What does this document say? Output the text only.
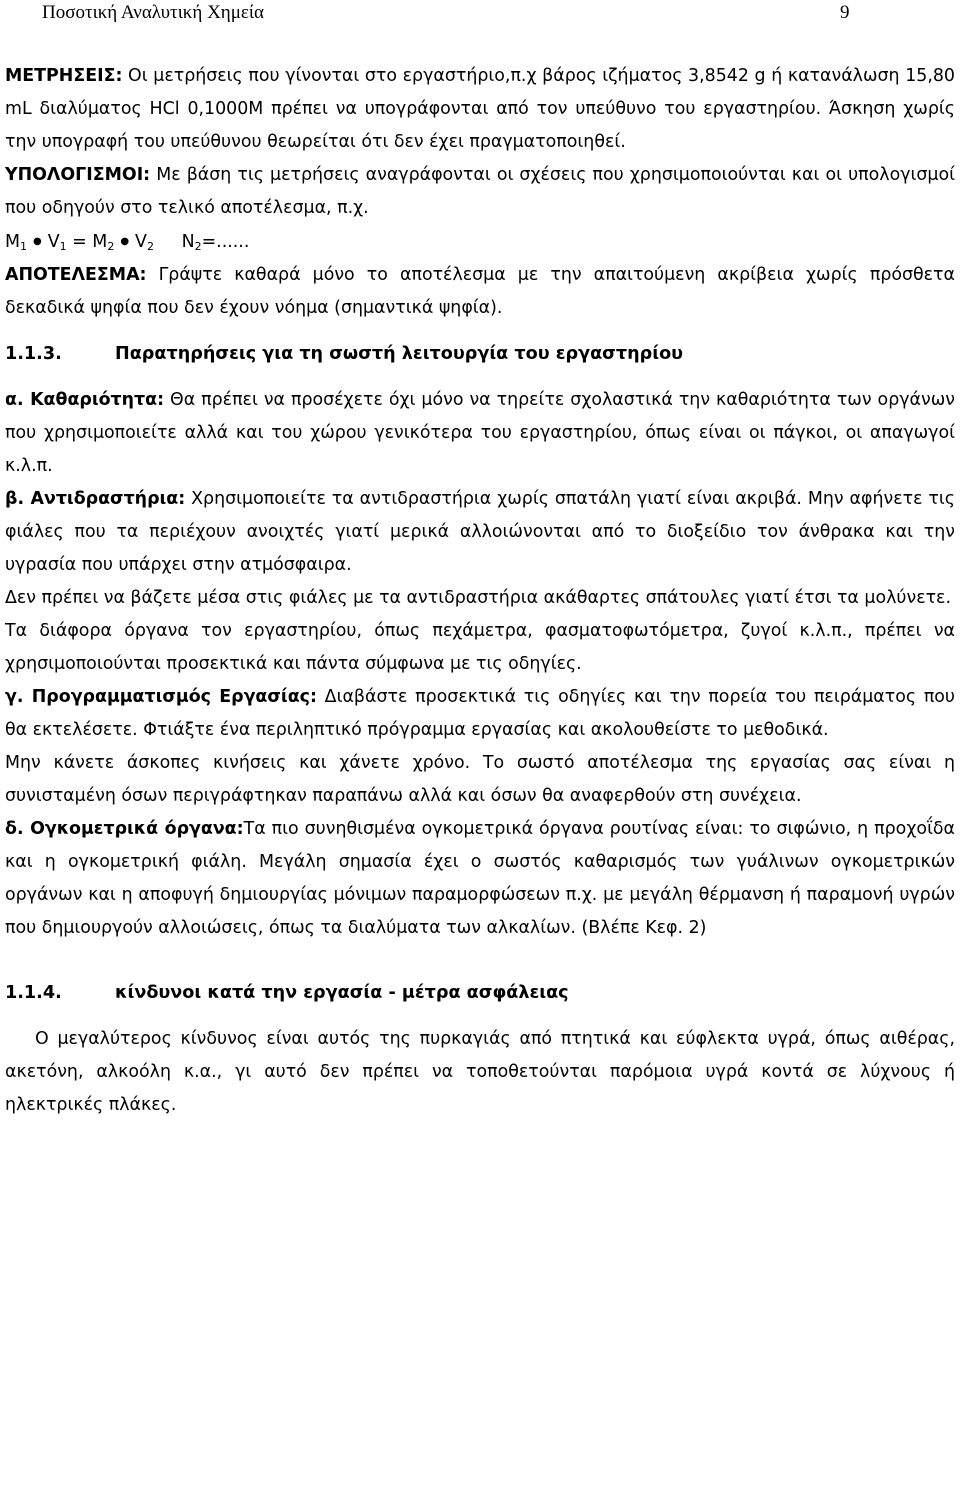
Ποσοτική Αναλυτική Χημεία	9

ΜΕΤΡΗΣΕΙΣ: Οι μετρήσεις που γίνονται στο εργαστήριο,π.χ βάρος ιζήματος 3,8542 g ή κατανάλωση 15,80 mL διαλύματος HCl 0,1000M πρέπει να υπογράφονται από τον υπεύθυνο του εργαστηρίου. Άσκηση χωρίς την υπογραφή του υπεύθυνου θεωρείται ότι δεν έχει πραγματοποιηθεί.

ΥΠΟΛΟΓΙΣΜΟΙ: Με βάση τις μετρήσεις αναγράφονται οι σχέσεις που χρησιμοποιούνται και οι υπολογισμοί που οδηγούν στο τελικό αποτέλεσμα, π.χ.

$M_1$ ● $V_1 = M_2$ ● $V_2$ $N_2=$......

ΑΠΟΤΕΛΕΣΜΑ: Γράψτε καθαρά μόνο το αποτέλεσμα με την απαιτούμενη ακρίβεια χωρίς πρόσθετα δεκαδικά ψηφία που δεν έχουν νόημα (σημαντικά ψηφία).

1.1.3.	Παρατηρήσεις για τη σωστή λειτουργία του εργαστηρίου

α. Καθαριότητα: Θα πρέπει να προσέχετε όχι μόνο να τηρείτε σχολαστικά την καθαριότητα των οργάνων που χρησιμοποιείτε αλλά και του χώρου γενικότερα του εργαστηρίου, όπως είναι οι πάγκοι, οι απαγωγοί κ.λ.π.

β. Αντιδραστήρια: Χρησιμοποιείτε τα αντιδραστήρια χωρίς σπατάλη γιατί είναι ακριβά. Μην αφήνετε τις φιάλες που τα περιέχουν ανοιχτές γιατί μερικά αλλοιώνονται από το διοξείδιο τον άνθρακα και την υγρασία που υπάρχει στην ατμόσφαιρα.

Δεν πρέπει να βάζετε μέσα στις φιάλες με τα αντιδραστήρια ακάθαρτες σπάτουλες γιατί έτσι τα μολύνετε.

Τα διάφορα όργανα τον εργαστηρίου, όπως πεχάμετρα, φασματοφωτόμετρα, ζυγοί κ.λ.π., πρέπει να χρησιμοποιούνται προσεκτικά και πάντα σύμφωνα με τις οδηγίες.

γ. Προγραμματισμός Εργασίας: Διαβάστε προσεκτικά τις οδηγίες και την πορεία του πειράματος που θα εκτελέσετε. Φτιάξτε ένα περιληπτικό πρόγραμμα εργασίας και ακολουθείστε το μεθοδικά.

Μην κάνετε άσκοπες κινήσεις και χάνετε χρόνο. Το σωστό αποτέλεσμα της εργασίας σας είναι η συνισταμένη όσων περιγράφτηκαν παραπάνω αλλά και όσων θα αναφερθούν στη συνέχεια.

δ. Ογκομετρικά όργανα:Τα πιο συνηθισμένα ογκομετρικά όργανα ρουτίνας είναι: το σιφώνιο, η προχοΐδα και η ογκομετρική φιάλη. Μεγάλη σημασία έχει ο σωστός καθαρισμός των γυάλινων ογκομετρικών οργάνων και η αποφυγή δημιουργίας μόνιμων παραμορφώσεων π.χ. με μεγάλη θέρμανση ή παραμονή υγρών που δημιουργούν αλλοιώσεις, όπως τα διαλύματα των αλκαλίων. (Βλέπε Κεφ. 2)

1.1.4.	κίνδυνοι κατά την εργασία - μέτρα ασφάλειας

Ο μεγαλύτερος κίνδυνος είναι αυτός της πυρκαγιάς από πτητικά και εύφλεκτα υγρά, όπως αιθέρας, ακετόνη, αλκοόλη κ.α., γι αυτό δεν πρέπει να τοποθετούνται παρόμοια υγρά κοντά σε λύχνους ή ηλεκτρικές πλάκες.
